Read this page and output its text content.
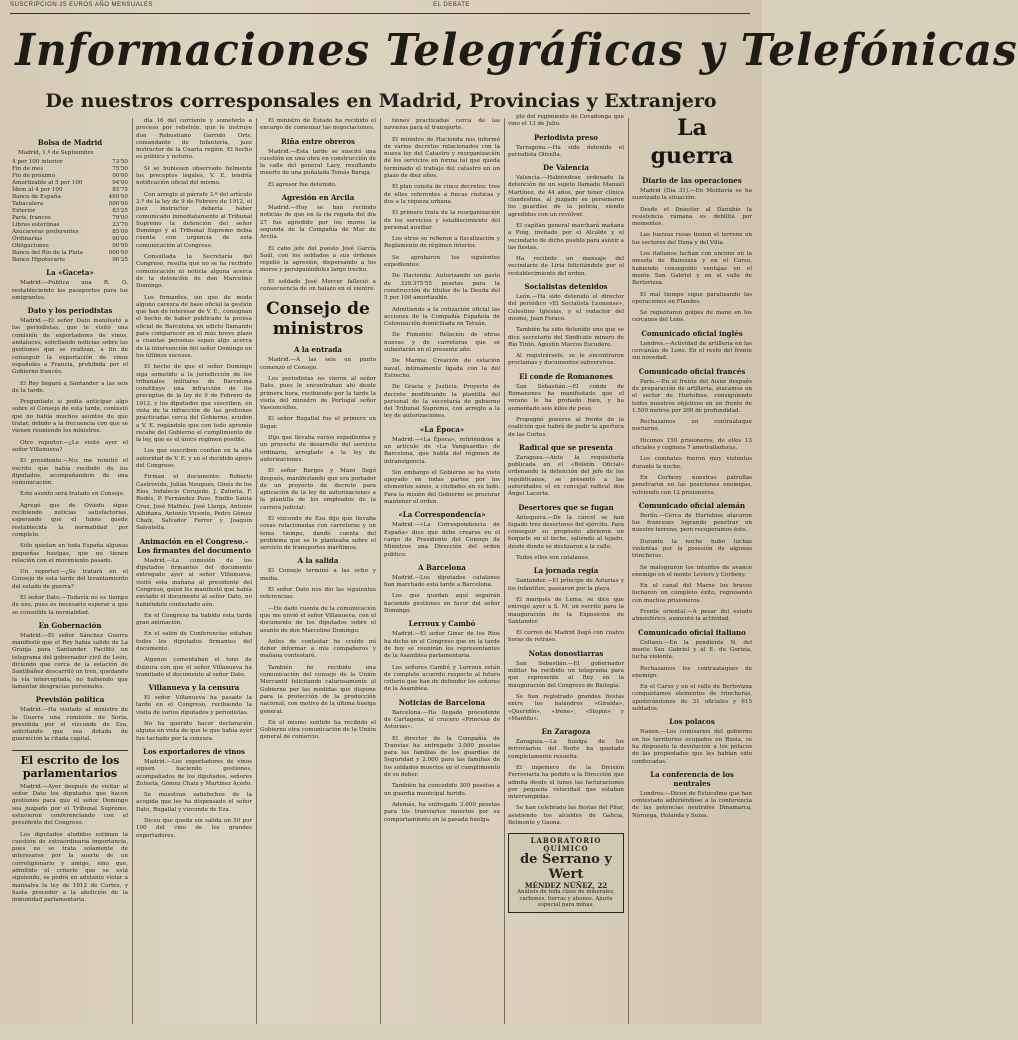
SUSCRIPCION 25 EUROS AÑO MENSUALES	EL DEBATE
Informaciones Telegráficas y Telefónicas
De nuestros corresponsales en Madrid, Provincias y Extranjero
Bolsa de Madrid
Madrid, 1.º de Septiembre
4 por 100 interior	73'50
Fin de mes	75'50
Fin de próximo	00'00
Amortizable al 5 por 100	94'00
Ídem al 4 por 100	85'75
Banco de España	460'00
Tabacalera	000'00
Exterior	83'25
París, francos	79'00
Libras esterlinas	23'70
Azucareras preferentes	85'00
Ordinarias	00'00
Obligaciones	00'00
Banco del Río de la Plata	000'00
Banco Hipotecario	96'25
La «Gaceta»

Madrid.—Publica una R. O. restableciendo los pasaportes para los emigrantes.

Dato y los periodistas

Madrid.—El señor Dato manifestó a los periodistas, que le visitó una comisión de exportadores de vinos, andaluces, solicitando noticias sobre las gestiones que se realizan, a fin de conseguir la exportación de vinos españoles a Francia, prohibida por el Gobierno francés.

El Rey llegará a Santander a las seis de la tarde.

Preguntado si podía anticipar algo sobre el Consejo de esta tarde, contestó que no había muchos asuntos de que tratar, debido a la frecuencia con que se vienen reuniendo los ministros.

Otro reporter.—¿Le visitó ayer el señor Villanueva?

El presidente.—No; me remitió el escrito que había recibido de los diputados, acompañándolo de una comunicación.

Este asunto será tratado en Consejo.

Agregó que de Oviedo sigue recibiendo noticias satisfactorias, esperando que el lunes quede restablecida la normalidad por completo.

Sólo quedan en toda España algunas pequeñas huelgas, que no tienen relación con el movimiento pasado.

Un reporter.—¿Se tratará en el Consejo de esta tarde del levantamiento del estado de guerra?

El señor Dato.—Todavía no es tiempo de eso, pues es necesario esperar a que se consolide la normalidad.

En Gobernación

Madrid.—El señor Sánchez Guerra manifestó que el Rey había salido de La Granja para Santander. Facilitó un telegrama del gobernador civil de León, diciendo que cerca de la estación de Santibáñez descarriló un tren, quedando la vía interceptada, no habiendo que lamentar desgracias personales.

Previsión política

Madrid.—Ha visitado al ministro de la Guerra una comisión de Soria, presidida por el vizconde de Eza, solicitando que sea dotada de guarnición la citada capital.

El escrito de los parlamentarios

Madrid.—Ayer después de visitar al señor Dato los diputados que hacen gestiones para que el señor Domingo sea juzgado por el Tribunal Supremo, estuvieron conferenciando con el presidente del Congreso.

Los diputados aludidos estiman la cuestión de extraordinaria importancia, pues no se trata solamente de interesarse por la suerte de un correligionario y amigo, sino que, admitido el criterio que se está siguiendo, se podrá en adelante violar a mansalva la ley de 1912 de Cortes, y hasta proceder a la abolición de la inmunidad parlamentaria.

día 16 del corriente y someterlo a proceso por rebelión, que le instruye don Robustiano Garrido Orts, comandante de Infantería, juez instructor de la Cuarta región. El hecho es público y notorio.

Si se hubiesen observado fielmente los preceptos legales, V. E. tendría notificación oficial del mismo.

Con arreglo al párrafo 3.º del artículo 2.º de la ley de 9 de Febrero de 1912, el juez instructor debería haber comunicado inmediatamente al Tribunal Supremo la detención del señor Domingo y al Tribunal Supremo debía cuenta con urgencia de esta comunicación al Congreso.

Consultada la Secretaría del Congreso, resulta que no se ha recibido comunicación ni noticia alguna acerca de la detención de don Marcelino Domingo.

Los firmantes, sin que de modo alguno carezca de base oficial la gestión que han de interesar de V. E., consignan el hecho de haber publicado la prensa oficial de Barcelona un edicto llamando para comparecer en el más breve plazo a cuantas personas sepan algo acerca de la intervención del señor Domingo en los últimos sucesos.

El hecho de que el señor Domingo siga sometido a la jurisdicción de los tribunales militares de Barcelona constituye una infracción de los preceptos de la ley de 9 de Febrero de 1912, y los diputados que suscriben, en vista de la infracción de las gestiones practicadas cerca del Gobierno, acuden a V. E. rogándole que con todo apremio recabe del Gobierno el cumplimiento de la ley, que es el único régimen posible.

Los que suscriben confían en la alta autoridad de V. E. y en el decidido apoyo del Congreso.

Firman el documento: Roberto Castrovido, Julián Nougués, Ginés de los Ríos, Indalecio Corujedo, J. Zulueta, F. Rodés, P. Fernández Pozo, Emilio Santa Cruz, José Mathéu, José Llarga, Antonio Albiñana, Antonio Vicente, Pedro Gómez Chaix, Salvador Ferrer y Joaquín Salvatella.

Animación en el Congreso.–Los firmantes del documento

Madrid.—La comisión de los diputados firmantes del documento entregado ayer al señor Villanueva, visitó esta mañana al presidente del Congreso, quien les manifestó que había enviado el documento al señor Dato, no habiéndole contestado aún.

En el Congreso ha habido esta tarde gran animación.

En el salón de Conferencias estaban todos los diputados firmantes del documento.

Algunos comentaban el tono de dulzura con que el señor Villanueva ha tramitado el documento al señor Dato.

Villanueva y la censura

El señor Villanueva ha pasado la tarde en el Congreso, recibiendo la visita de varios diputados y periodistas.

No ha querido hacer declaración alguna en vista de que lo que había ayer fue tachado por la censura.

Los exportadores de vinos

Madrid.—Los exportadores de vinos siguen haciendo gestiones, acompañados de los diputados, señores Zulueta, Gómez Chaix y Martínez Acedo.

Se muestran satisfechos de la acogida que les ha dispensado el señor Dato, Bugallal y vizconde de Eza.

Dicen que queda sin salida un 50 por 100 del vino de los grandes exportadores.

El ministro de Estado ha recibido el encargo de comenzar las negociaciones.

Riña entre obreros

Madrid.—Esta tarde se suscitó una cuestión en una obra en construcción de la calle del general Lacy, resultando muerto de una puñalada Tomás Baraja.

El agresor fue detenido.

Agresión en Arcila

Madrid.—Hoy se han recibido noticias de que en la ría regada del día 27 fue agredido por los moros la segunda de la Compañía de Mar de Arcila.

El cabo jefe del puesto José García Saúl, con los soldados a sus órdenes repelió la agresión, dispersando a los moros y persiguiéndoles largo trecho.

El soldado José Mercer falleció a consecuencia de un balazo en el vientre.

Consejo de ministros
A la entrada

Madrid.—A las seis en punto comenzó el Consejo.

Los periodistas no vieron al señor Dato, pues le encontraban ahí desde primera hora, recibiendo por la tarde la visita del ministro de Portugal señor Vasconcellos.

El señor Bugallal fue el primero en llegar.

Dijo que llevaba varios expedientes y un proyecto de desarrollo del servicio ordinario, arreglado a la ley de autorizaciones.

El señor Burgos y Mazo llegó después, manifestando que era portador de un proyecto de decreto para aplicación de la ley de autorizaciones a la plantilla de los empleados de la carrera judicial.

El vizconde de Eza dijo que llevaba cosas relacionadas con carreteras y un tema tiempo, dando cuenta del problema que se le planteaba sobre el servicio de transportes marítimos.

A la salida

El Consejo terminó a las ocho y media.

El señor Dato nos dio las siguientes referencias:

—He dado cuenta de la comunicación que me envió el señor Villanueva, con el documento de los diputados sobre el asunto de don Marcelino Domingo.

Antes de contestar he creído mi deber informar a mis compañeros y mañana contestaré.

También he recibido una comunicación del consejo de la Unión Mercantil felicitando calurosamente al Gobierno por las medidas que dispone para la protección de la producción nacional, con motivo de la última huelga general.

En el mismo sentido ha recibido el Gobierno otra comunicación de la Unión general de comercio.

tiones practicadas cerca de las navieras para el transporte.

El ministro de Hacienda nos informó de varios decretos relacionados con la nueva ley del Catastro y reorganización de los servicios en forma tal que queda terminado el trabajo del catastro en un plazo de diez años.

El plan consta de cinco decretos: tres de ellos referentes a fincas rústicas y dos a la riqueza urbana.

El primero trata de la reorganización de los servicios y establecimiento del personal auxiliar.

Los otros se refieren a fiscalización y Reglamento de régimen interior.

Se aprobaron los siguientes expedientes:

De Hacienda: Autorizando un gasto de 339.375'55 pesetas para la construcción de títulos de la Deuda del 5 por 100 amortizable.

Admitiendo a la cotización oficial las acciones de la Compañía Española de Colonización domiciliada en Tetuán.

De Fomento: Relación de obras nuevas y de carreteras que se subastarán en el presente año.

De Marina: Creación de estación naval, íntimamente ligada con la del Estrecho.

De Gracia y Justicia: Proyecto de decreto modificando la plantilla del personal de la secretaría de gobierno del Tribunal Supremo, con arreglo a la ley de autorizaciones.

«La Época»

Madrid.—«La Época», refiriéndose a un artículo de «La Vanguardia» de Barcelona, que habla del régimen de intransigencia.

Sin embargo el Gobierno se ha visto apoyado en todas partes por los elementos sanos, a ciudades en su lado. Para la misión del Gobierno es procurar mantener el orden.

«La Correspondencia»

Madrid.—«La Correspondencia de España» dice que debe crearse en el cargo de Presidente del Consejo de Ministros una Dirección del orden público.

A Barcelona

Madrid.—Los diputados catalanes han marchado esta tarde a Barcelona.

Los que quedan aquí seguirán haciendo gestiones en favor del señor Domingo.

Lerroux y Cambó

Madrid.—El señor Giner de los Ríos ha dicho en el Congreso que en la tarde de hoy se reunirán los representantes de la Asamblea parlamentaria.

Los señores Cambó y Lerroux están de completo acuerdo respecto al futuro criterio que han de defender los señores de la Asamblea.

Noticias de Barcelona

Barcelona.—Ha llegado procedente de Cartagena, el crucero «Princesa de Asturias».

El director de la Compañía de Tranvías ha entregado 3.000 pesetas para las familias de los guardias de Seguridad y 2.000 para las familias de los soldados muertos en el cumplimiento de su deber.

También ha concedido 300 pesetas a un guardia municipal herido.

Además, ha entregado 3.000 pesetas para los tranviarios muertos por su comportamiento en la pasada huelga.

plo del regimiento de Covadonga que vino el 13 de Julio.

Periodista preso

Tarragona.—Ha sido detenido el periodista Olivella.

De Valencia

Valencia.—Habiéndose ordenado la detención de un sujeto llamado Manuel Martínez, de 44 años, por tener clínica clandestina, al juzgado se personaron los guardias de la policía, siendo agredidos con un revólver.

El capitán general marchará mañana a Puig, invitado por el Alcalde y el vecindario de dicho pueblo para asistir a las fiestas.

Ha recibido un mensaje del vecindario de Liria felicitándole por el restablecimiento del orden.

Socialistas detenidos

León.—Ha sido detenido el director del periódico «El Socialista Leonense», Celestino Iglesias, y el redactor del mismo, Juan Feraco.

También ha sido detenido uno que se dice secretario del Sindicato minero de Río Tinto, Agustín Marcos Escudero.

Al registrársele, se le encontraron proclamas y documentos subversivos.

El conde de Romanones

San Sebastián.—El conde de Romanones ha manifestado que el verano le ha probado bien, y ha aumentado seis kilos de peso.

Propugnó ponerse al frente de la coalición que habrá de pedir la apertura de las Cortes.

Radical que se presenta

Zaragoza.—Ante la requisitoria publicada en el «Boletín Oficial» ordenando la detención del jefe de los republicanos, se presentó a las autoridades el ex concejal radical don Ángel Lacorte.

Desertores que se fugan

Antequera.—De la cárcel se han fugado tres desertores del ejército. Para conseguir su propósito abrieron un boquete en el techo, saliendo al tejado, desde donde se deslizaron a la calle.

Todos ellos son catalanes.

La jornada regia

Santander.—El príncipe de Asturias y los infantitos, pasearon por la playa.

El marqués de Lema, se dice que entregó ayer a S. M. un escrito para la inauguración de la Exposición de Santander.

El correo de Madrid llegó con cuatro horas de retraso.

Notas donostiarras

San Sebastián.—El gobernador militar ha recibido un telegrama para que represente al Rey en la inauguración del Congreso de Biología.

Se han registrado grandes fiestas entre los balandros «Giralda», «Queridín», «Irene», «Stopin» y «Mantilo».

En Zaragoza

Zaragoza.—La huelga de los ferroviarios del Norte ha quedado completamente resuelta.

El ingeniero de la División Ferroviaria ha pedido a la Dirección que admita desde el lunes las facturaciones por pequeña velocidad que estaban interrumpidas.

Se han celebrado las fiestas del Pilar, asistiendo los alcaldes de Galicia, Belmonte y Gaona.

LABORATORIO QUÍMICO
de Serrano y Wert
MÉNDEZ NÚÑEZ, 22
Análisis de toda clase de minerales, carbones, tierras y abonos. Ajuste especial para minas.
La guerra
Diario de las operaciones

Madrid (Día 31).—En Moldavia se ha suavizado la situación.

Desde el Dniester al Danubio la resistencia rumana es debilita por momentos.

Las fuerzas rusas tienen el terreno en los sectores del Duna y del Vilia.

Los italianos luchan con encono en la meseta de Bainsizza y en el Carso, habiendo conseguido ventajas en el monte San Gabriel y en el valle de Bertovizza.

El mal tiempo sigue paralizando las operaciones en Flandes.

Se registraron golpes de mano en los cercanos del Lens.

Comunicado oficial inglés

Londres.—Actividad de artillería en las cercanías de Lens. En el resto del frente sin novedad.

Comunicado oficial francés

París.—En el frente del Aisne después de preparación de artillería, atacamos en el sector de Hurtebise, consiguiendo todos nuestros objetivos en un frente de 1.500 metros por 300 de profundidad.

Rechazamos un contraataque nocturno.

Hicimos 150 prisioneros, de ellos 13 oficiales y cogimos 7 ametralladoras.

Los combates fueron muy violentos durante la noche.

En Corbeny nuestras patrullas penetraron en las posiciones enemigas, volviendo con 12 prisioneros.

Comunicado oficial alemán

Berlín.—Cerca de Hurtebise atacaron los franceses logrando penetrar en nuestro terreno, pero recuperamos éste.

Durante la noche hubo luchas violentas por la posesión de algunas trincheras.

Se malograron los intentos de avance enemigo en el monte Leviers y Corbeny.

En el canal del Marne los bravos lucharon un completo éxito, regresando con muchos prisioneros.

Frente oriental.—A pesar del estado atmosférico, aumentó la actividad.

Comunicado oficial italiano

Coltano.—En la pendiente N. del monte San Gabriel y al E. de Gorizia, lucha violenta.

Rechazamos los contraataques de enemigo.

En el Carso y en el valle de Bertovizza conquistamos elementos de trincheras, apoderándonos de 31 oficiales y 615 soldados.

Los polacos

Nauen.—Los comisarios del gobierno en los territorios ocupados en Rusia, se ha dispuesto la devolución a los polacos de las propiedades que les habían sido confiscadas.

La conferencia de los neutrales

Londres.—Dicen de Estocolmo que han contestado adhiriéndose a la conferencia de las potencias neutrales Dinamarca, Noruega, Holanda y Suiza.
